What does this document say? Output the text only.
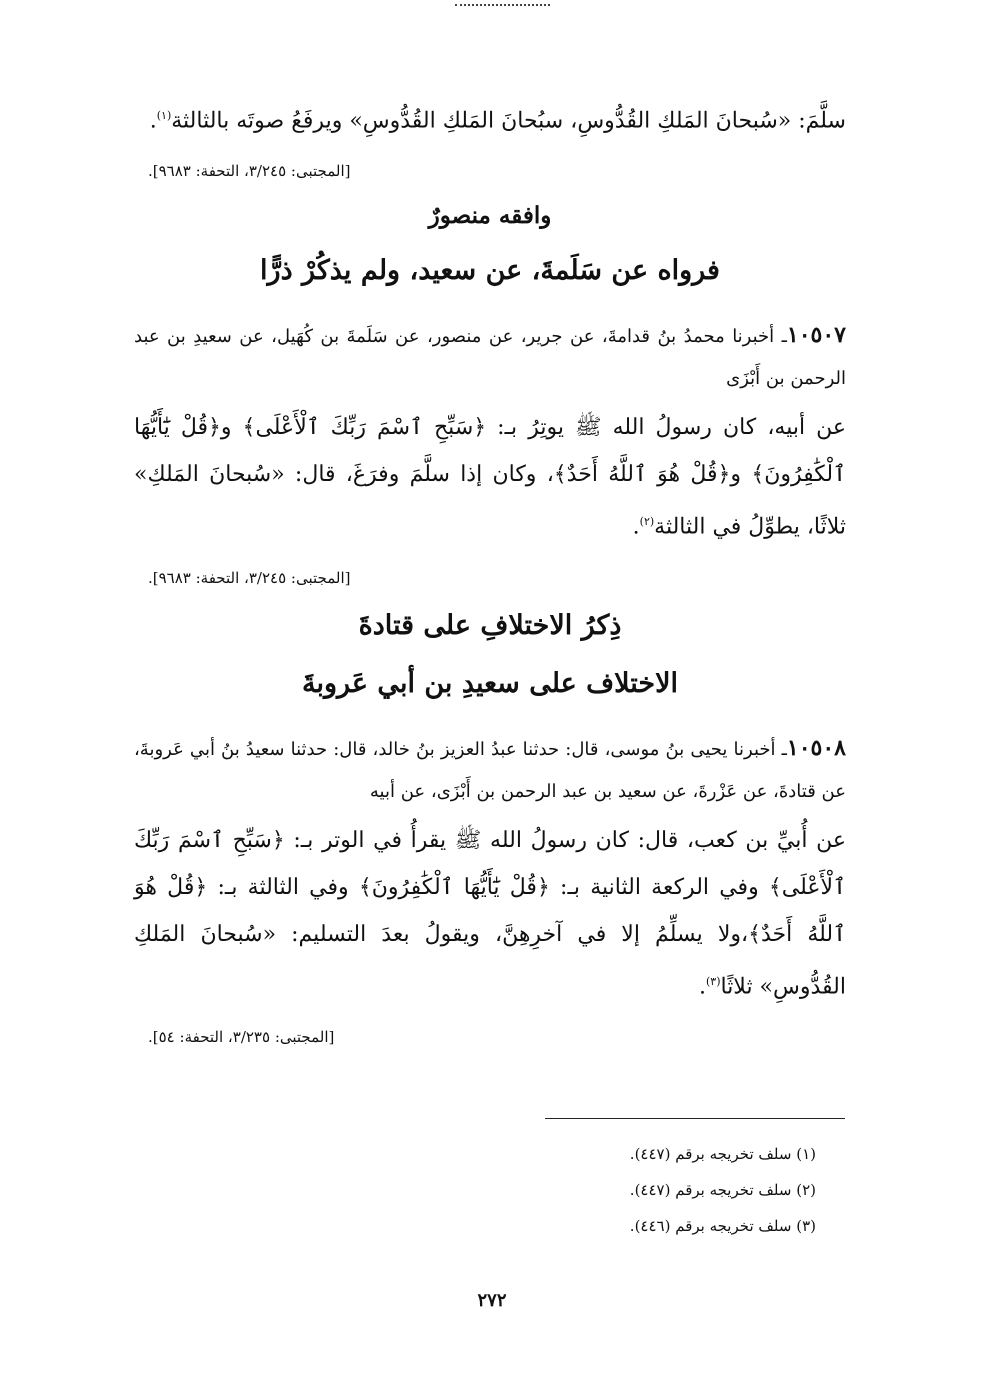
سلَّمَ: «سُبحانَ المَلكِ القُدُّوسِ، سبُحانَ المَلكِ القُدُّوسِ» ويرفَعُ صوتَه بالثالثة$^{(١)}$.

[المجتبى: ٣/٢٤٥، التحفة: ٩٦٨٣].
وافقه منصورٌ
فرواه عن سَلَمةَ، عن سعيد، ولم يذكُرْ ذرًّا

١٠٥٠٧ـ أخبرنا محمدُ بنُ قدامةَ، عن جرير، عن منصور، عن سَلَمةَ بن كُهَيل، عن سعيدِ بن عبد الرحمن بن أَبْزَى

عن أبيه، كان رسولُ الله ﷺ يوتِرُ بـ: ﴿سَبِّحِ ٱسْمَ رَبِّكَ ٱلْأَعْلَى﴾ و﴿قُلْ يَٰٓأَيُّهَا ٱلْكَٰفِرُونَ﴾ و﴿قُلْ هُوَ ٱللَّهُ أَحَدٌ﴾، وكان إذا سلَّمَ وفرَغَ، قال: «سُبحانَ المَلكِ» ثلاثًا، يطوِّلُ في الثالثة$^{(٢)}$.

[المجتبى: ٣/٢٤٥، التحفة: ٩٦٨٣].
ذِكرُ الاختلافِ على قتادةَ
الاختلاف على سعيدِ بن أبي عَروبةَ

١٠٥٠٨ـ أخبرنا يحيى بنُ موسى، قال: حدثنا عبدُ العزيز بنُ خالد، قال: حدثنا سعيدُ بنُ أبي عَروبةَ، عن قتادةَ، عن عَزْرةَ، عن سعيد بن عبد الرحمن بن أَبْزَى، عن أبيه

عن أُبيِّ بن كعب، قال: كان رسولُ الله ﷺ يقرأُ في الوتر بـ: ﴿سَبِّحِ ٱسْمَ رَبِّكَ ٱلْأَعْلَى﴾ وفي الركعة الثانية بـ: ﴿قُلْ يَٰٓأَيُّهَا ٱلْكَٰفِرُونَ﴾ وفي الثالثة بـ: ﴿قُلْ هُوَ ٱللَّهُ أَحَدٌ﴾،ولا يسلِّمُ إلا في آخرِهِنَّ، ويقولُ بعدَ التسليم: «سُبحانَ المَلكِ القُدُّوسِ» ثلاثًا$^{(٣)}$.

[المجتبى: ٣/٢٣٥، التحفة: ٥٤].
(١) سلف تخريجه برقم (٤٤٧).
(٢) سلف تخريجه برقم (٤٤٧).
(٣) سلف تخريجه برقم (٤٤٦).
٢٧٢
